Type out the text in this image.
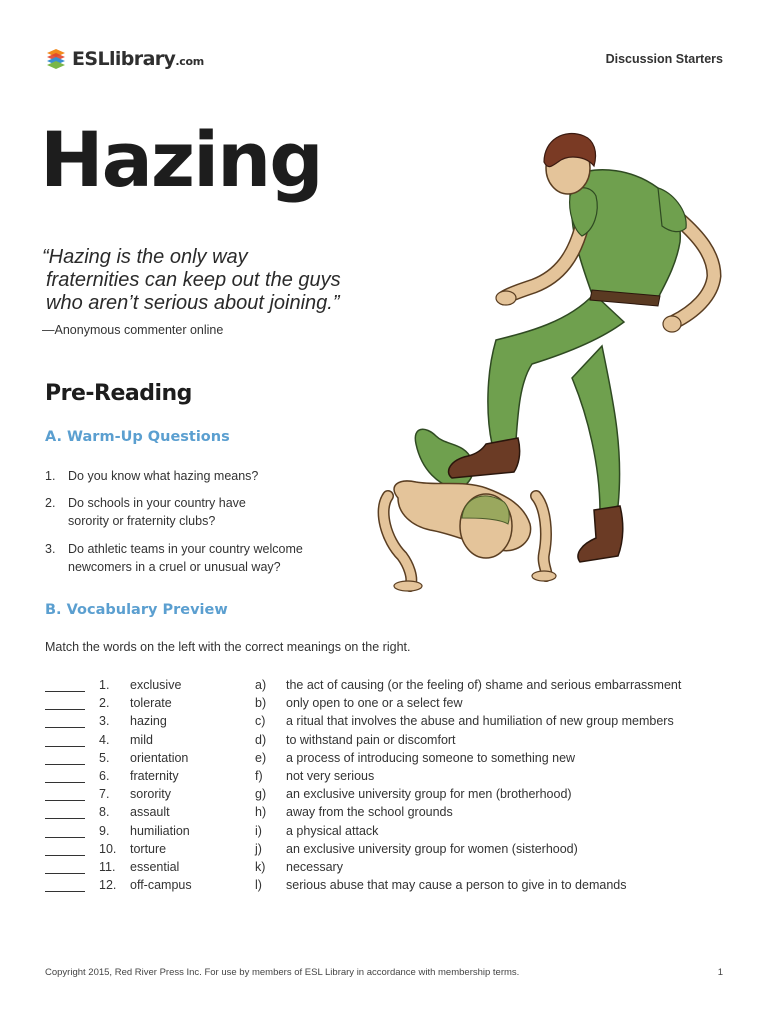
ESLlibrary.com	Discussion Starters
Hazing
“Hazing is the only way
fraternities can keep out the guys
who aren’t serious about joining.”
—Anonymous commenter online
Pre-Reading
A. Warm-Up Questions
1.	Do you know what hazing means?
2.	Do schools in your country have sorority or fraternity clubs?
3.	Do athletic teams in your country welcome newcomers in a cruel or unusual way?
B. Vocabulary Preview
Match the words on the left with the correct meanings on the right.
1. exclusive	a) the act of causing (or the feeling of) shame and serious embarrassment
2. tolerate	b) only open to one or a select few
3. hazing	c) a ritual that involves the abuse and humiliation of new group members
4. mild	d) to withstand pain or discomfort
5. orientation	e) a process of introducing someone to something new
6. fraternity	f) not very serious
7. sorority	g) an exclusive university group for men (brotherhood)
8. assault	h) away from the school grounds
9. humiliation	i) a physical attack
10. torture	j) an exclusive university group for women (sisterhood)
11. essential	k) necessary
12. off-campus	l) serious abuse that may cause a person to give in to demands
Copyright 2015, Red River Press Inc. For use by members of ESL Library in accordance with membership terms.	1
